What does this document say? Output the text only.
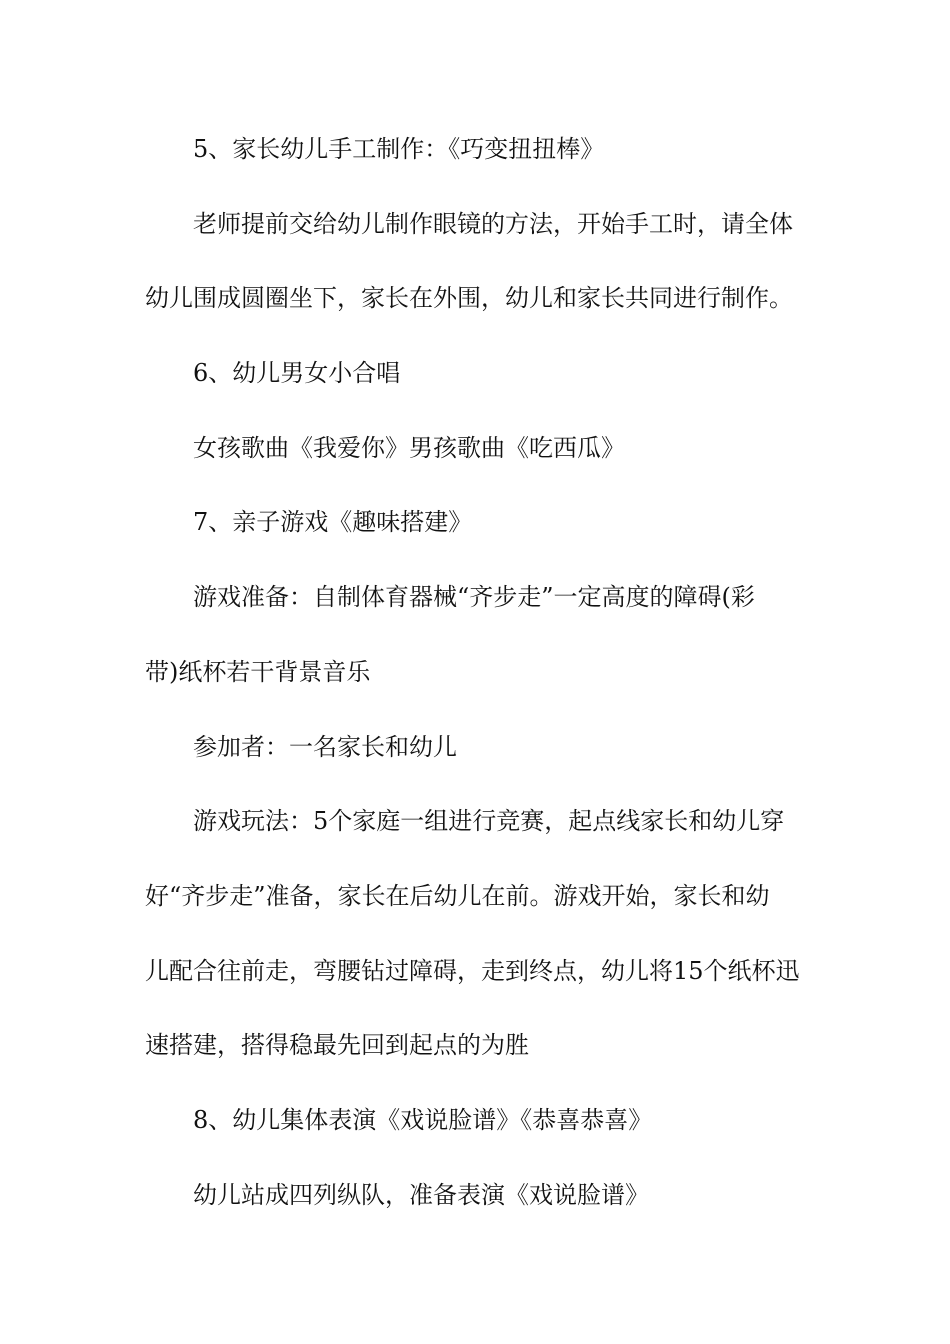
5、家长幼儿手工制作：《巧变扭扭棒》

老师提前交给幼儿制作眼镜的方法，开始手工时，请全体

幼儿围成圆圈坐下，家长在外围，幼儿和家长共同进行制作。

6、幼儿男女小合唱

女孩歌曲《我爱你》男孩歌曲《吃西瓜》

7、亲子游戏《趣味搭建》

游戏准备：自制体育器械“齐步走”一定高度的障碍(彩

带)纸杯若干背景音乐

参加者：一名家长和幼儿

游戏玩法：5个家庭一组进行竞赛，起点线家长和幼儿穿

好“齐步走”准备，家长在后幼儿在前。游戏开始，家长和幼

儿配合往前走，弯腰钻过障碍，走到终点，幼儿将15个纸杯迅

速搭建，搭得稳最先回到起点的为胜

8、幼儿集体表演《戏说脸谱》《恭喜恭喜》

幼儿站成四列纵队，准备表演《戏说脸谱》
